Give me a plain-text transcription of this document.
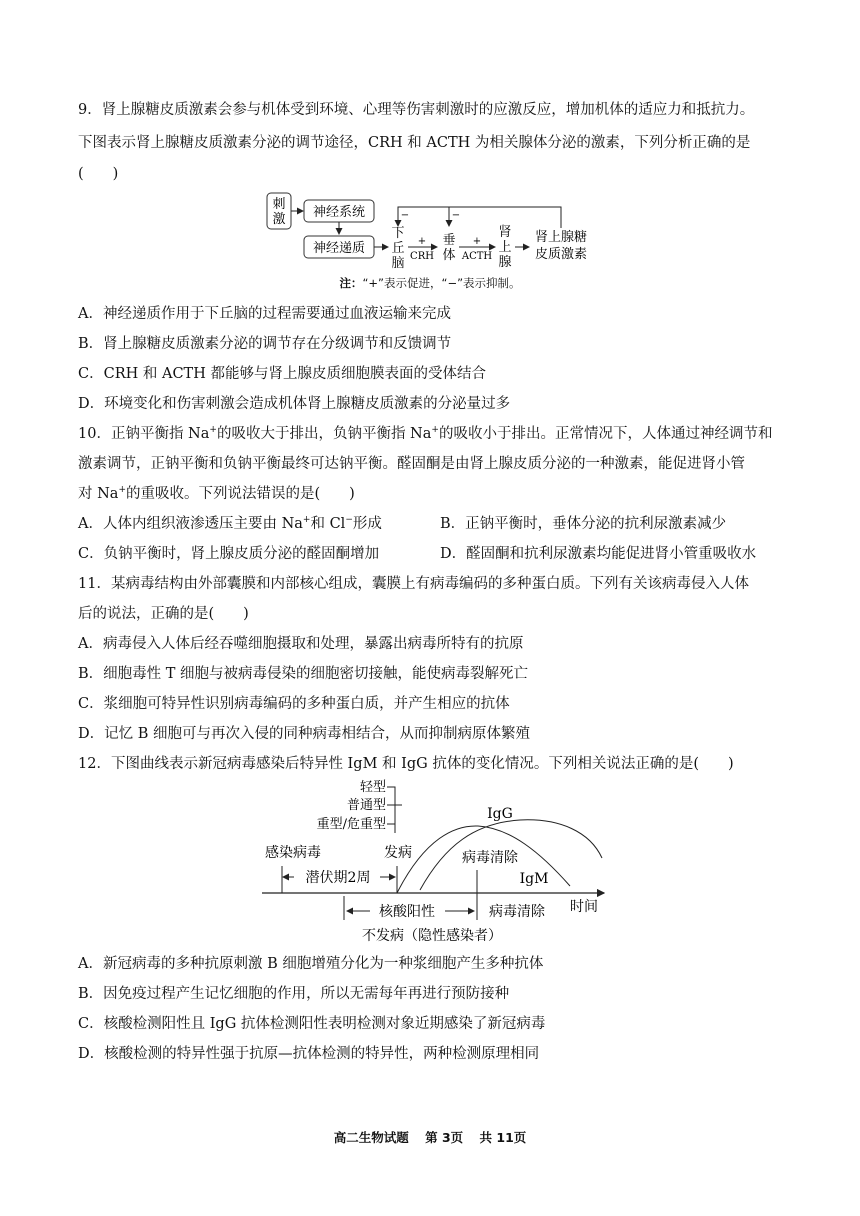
9．肾上腺糖皮质激素会参与机体受到环境、心理等伤害刺激时的应激反应，增加机体的适应力和抵抗力。
下图表示肾上腺糖皮质激素分泌的调节途径，CRH 和 ACTH 为相关腺体分泌的激素，下列分析正确的是
(　　)
刺
激 神经系统
神经递质
下
丘
脑
+
CRH
垂
体
+
ACTH
肾
上
腺
肾上腺糖
皮质激素
−	−
注：“+”表示促进，“−”表示抑制。
A．神经递质作用于下丘脑的过程需要通过血液运输来完成
B．肾上腺糖皮质激素分泌的调节存在分级调节和反馈调节
C．CRH 和 ACTH 都能够与肾上腺皮质细胞膜表面的受体结合
D．环境变化和伤害刺激会造成机体肾上腺糖皮质激素的分泌量过多
10．正钠平衡指 Na+的吸收大于排出，负钠平衡指 Na+的吸收小于排出。正常情况下，人体通过神经调节和
激素调节，正钠平衡和负钠平衡最终可达钠平衡。醛固酮是由肾上腺皮质分泌的一种激素，能促进肾小管
对 Na+的重吸收。下列说法错误的是(　　)
A．人体内组织液渗透压主要由 Na+和 Cl−形成	B．正钠平衡时，垂体分泌的抗利尿激素减少
C．负钠平衡时，肾上腺皮质分泌的醛固酮增加	D．醛固酮和抗利尿激素均能促进肾小管重吸收水
11．某病毒结构由外部囊膜和内部核心组成，囊膜上有病毒编码的多种蛋白质。下列有关该病毒侵入人体
后的说法，正确的是(　　)
A．病毒侵入人体后经吞噬细胞摄取和处理，暴露出病毒所特有的抗原
B．细胞毒性 T 细胞与被病毒侵染的细胞密切接触，能使病毒裂解死亡
C．浆细胞可特异性识别病毒编码的多种蛋白质，并产生相应的抗体
D．记忆 B 细胞可与再次入侵的同种病毒相结合，从而抑制病原体繁殖
12．下图曲线表示新冠病毒感染后特异性 IgM 和 IgG 抗体的变化情况。下列相关说法正确的是(　　)
轻型
普通型
重型/危重型
感染病毒	发病
潜伏期2周
时间
IgG
病毒清除
IgM
核酸阳性	病毒清除
不发病（隐性感染者）
A．新冠病毒的多种抗原刺激 B 细胞增殖分化为一种浆细胞产生多种抗体
B．因免疫过程产生记忆细胞的作用，所以无需每年再进行预防接种
C．核酸检测阳性且 IgG 抗体检测阳性表明检测对象近期感染了新冠病毒
D．核酸检测的特异性强于抗原—抗体检测的特异性，两种检测原理相同
高二生物试题 第 3页 共 11页
